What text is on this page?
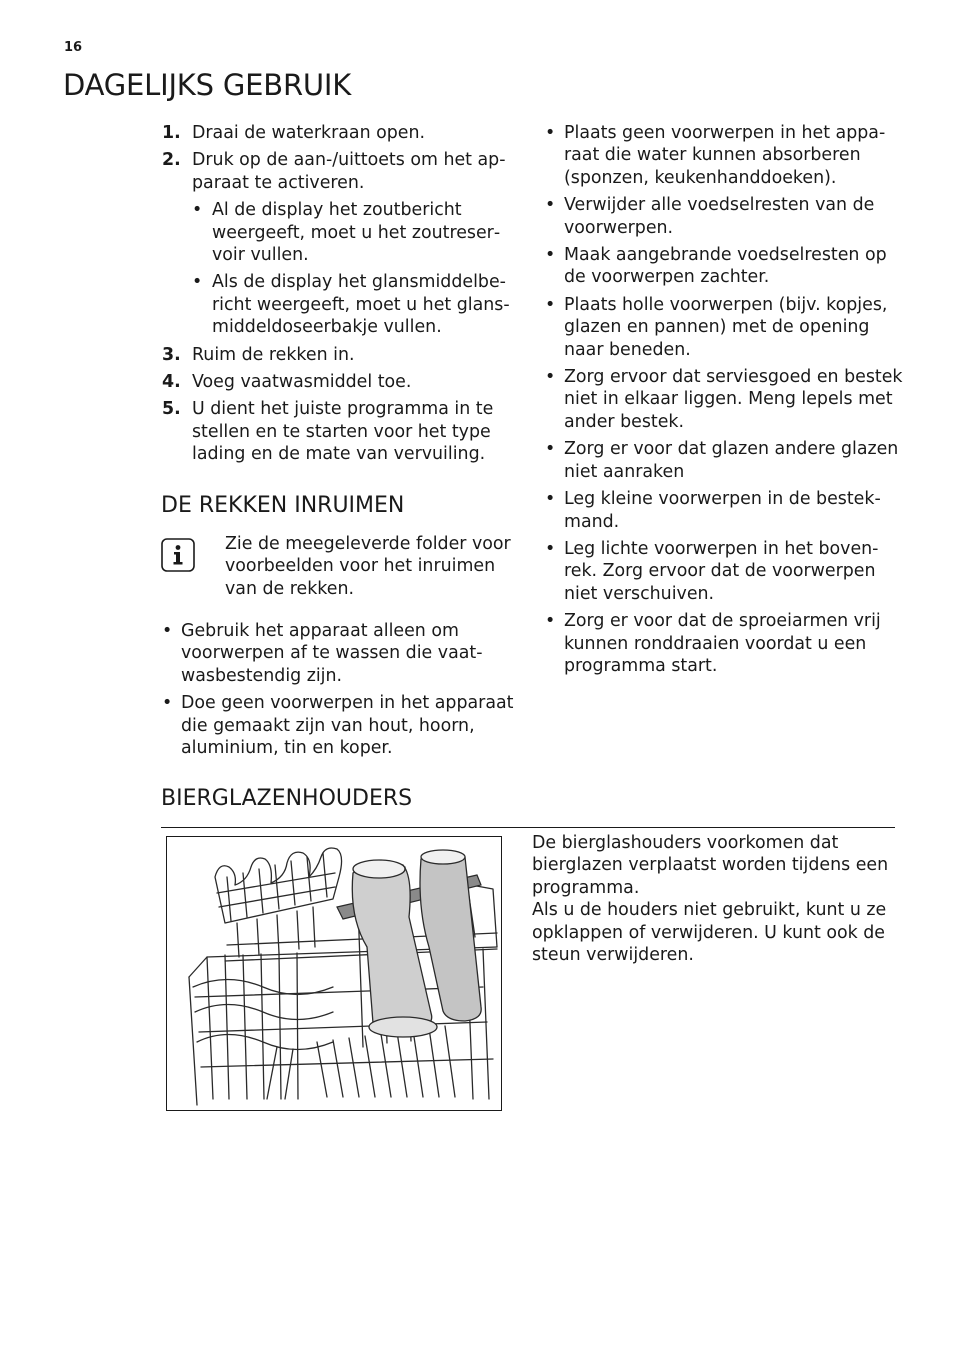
16
DAGELIJKS GEBRUIK
1. Draai de waterkraan open.
2. Druk op de aan-/uittoets om het apparaat te activeren.
• Al de display het zoutbericht weergeeft, moet u het zoutreservoir vullen.
• Als de display het glansmiddelbericht weergeeft, moet u het glansmiddeldoseerbakje vullen.
3. Ruim de rekken in.
4. Voeg vaatwasmiddel toe.
5. U dient het juiste programma in te stellen en te starten voor het type lading en de mate van vervuiling.
DE REKKEN INRUIMEN
Zie de meegeleverde folder voor voorbeelden voor het inruimen van de rekken.
• Gebruik het apparaat alleen om voorwerpen af te wassen die vaatwasbestendig zijn.
• Doe geen voorwerpen in het apparaat die gemaakt zijn van hout, hoorn, aluminium, tin en koper.
• Plaats geen voorwerpen in het apparaat die water kunnen absorberen (sponzen, keukenhanddoeken).
• Verwijder alle voedselresten van de voorwerpen.
• Maak aangebrande voedselresten op de voorwerpen zachter.
• Plaats holle voorwerpen (bijv. kopjes, glazen en pannen) met de opening naar beneden.
• Zorg ervoor dat serviesgoed en bestek niet in elkaar liggen. Meng lepels met ander bestek.
• Zorg er voor dat glazen andere glazen niet aanraken
• Leg kleine voorwerpen in de bestekmand.
• Leg lichte voorwerpen in het bovenrek. Zorg ervoor dat de voorwerpen niet verschuiven.
• Zorg er voor dat de sproeiarmen vrij kunnen ronddraaien voordat u een programma start.
BIERGLAZENHOUDERS

De bierglashouders voorkomen dat bierglazen verplaatst worden tijdens een programma.

Als u de houders niet gebruikt, kunt u ze opklappen of verwijderen. U kunt ook de steun verwijderen.
